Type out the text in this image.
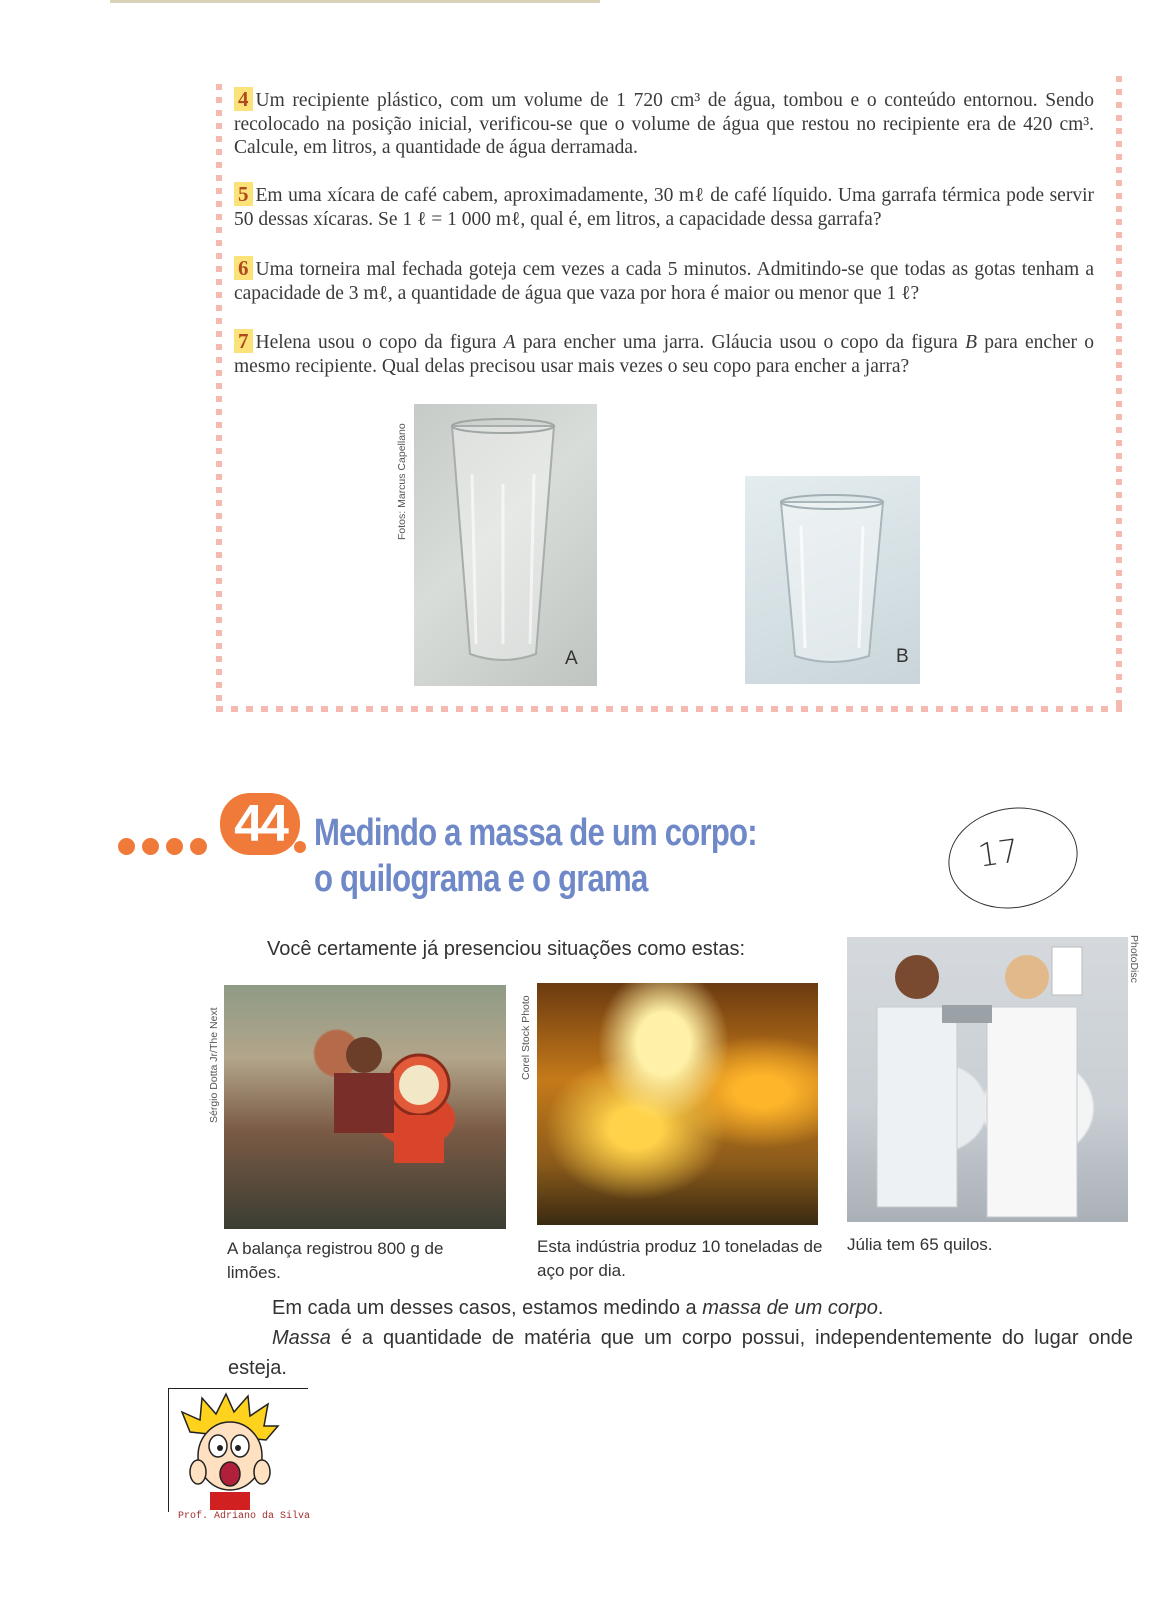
4 Um recipiente plástico, com um volume de 1 720 cm³ de água, tombou e o conteúdo entornou. Sendo recolocado na posição inicial, verificou-se que o volume de água que restou no recipiente era de 420 cm³. Calcule, em litros, a quantidade de água derramada.
5 Em uma xícara de café cabem, aproximadamente, 30 mℓ de café líquido. Uma garrafa térmica pode servir 50 dessas xícaras. Se 1 ℓ = 1 000 mℓ, qual é, em litros, a capacidade dessa garrafa?
6 Uma torneira mal fechada goteja cem vezes a cada 5 minutos. Admitindo-se que todas as gotas tenham a capacidade de 3 mℓ, a quantidade de água que vaza por hora é maior ou menor que 1 ℓ?
7 Helena usou o copo da figura A para encher uma jarra. Gláucia usou o copo da figura B para encher o mesmo recipiente. Qual delas precisou usar mais vezes o seu copo para encher a jarra?
Fotos: Marcus Capellano
A	B
44 Medindo a massa de um corpo:
o quilograma e o grama
17
Você certamente já presenciou situações como estas:
Sérgio Dotta Jr/The Next	Corel Stock Photo
PhotoDisc
A balança registrou 800 g de limões.
Esta indústria produz 10 toneladas de aço por dia.
Júlia tem 65 quilos.
Em cada um desses casos, estamos medindo a massa de um corpo.
Massa é a quantidade de matéria que um corpo possui, independentemente do lugar onde esteja.
Prof. Adriano da Silva
